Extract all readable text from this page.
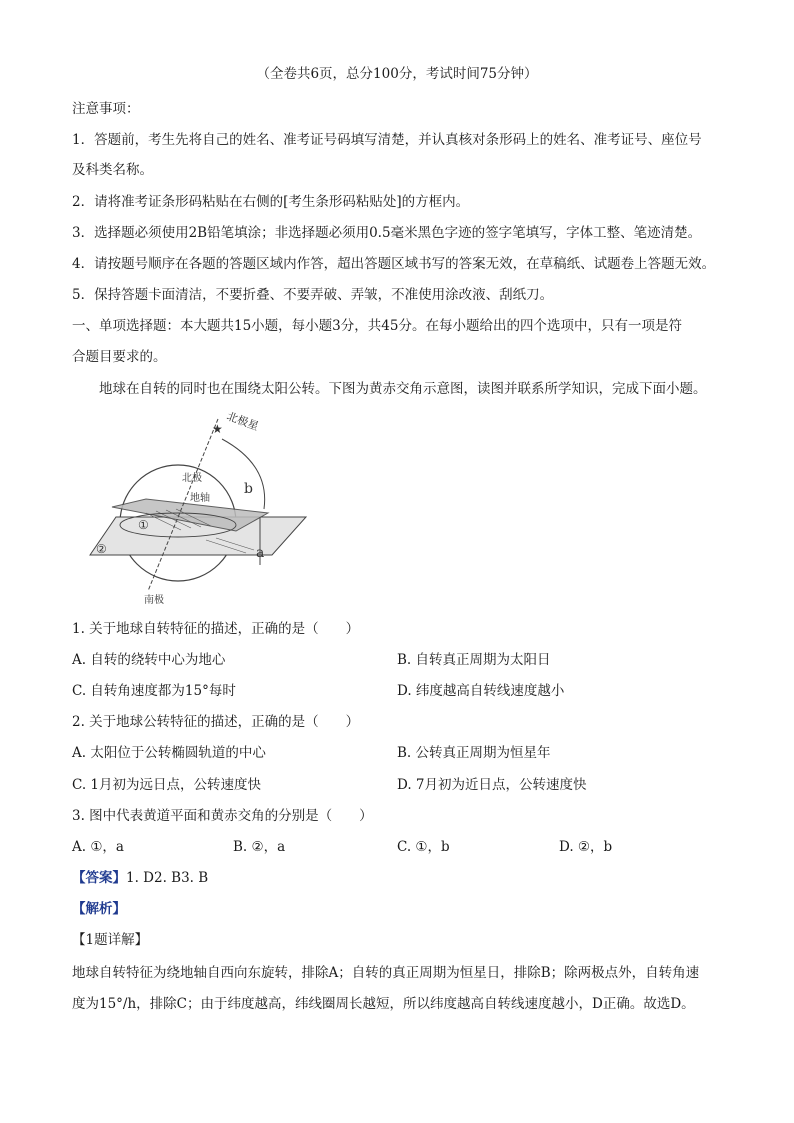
（全卷共6页，总分100分，考试时间75分钟）
注意事项：
1．答题前，考生先将自己的姓名、准考证号码填写清楚，并认真核对条形码上的姓名、准考证号、座位号
及科类名称。
2．请将准考证条形码粘贴在右侧的[考生条形码粘贴处]的方框内。
3．选择题必须使用2B铅笔填涂；非选择题必须用0.5毫米黑色字迹的签字笔填写，字体工整、笔迹清楚。
4．请按题号顺序在各题的答题区域内作答，超出答题区域书写的答案无效，在草稿纸、试题卷上答题无效。
5．保持答题卡面清洁，不要折叠、不要弄破、弄皱，不准使用涂改液、刮纸刀。
一、单项选择题：本大题共15小题，每小题3分，共45分。在每小题给出的四个选项中，只有一项是符
合题目要求的。
地球在自转的同时也在围绕太阳公转。下图为黄赤交角示意图，读图并联系所学知识，完成下面小题。
★ 北极星
b
a
北极
地轴
南极
①
②
1. 关于地球自转特征的描述，正确的是（　　）
A. 自转的绕转中心为地心	B. 自转真正周期为太阳日
C. 自转角速度都为15°每时	D. 纬度越高自转线速度越小
2. 关于地球公转特征的描述，正确的是（　　）
A. 太阳位于公转椭圆轨道的中心	B. 公转真正周期为恒星年
C. 1月初为远日点，公转速度快	D. 7月初为近日点，公转速度快
3. 图中代表黄道平面和黄赤交角的分别是（　　）
A. ①，a	B. ②，a	C. ①，b	D. ②，b
【答案】1. D2. B3. B
【解析】
【1题详解】
地球自转特征为绕地轴自西向东旋转，排除A；自转的真正周期为恒星日，排除B；除两极点外，自转角速
度为15°/h，排除C；由于纬度越高，纬线圈周长越短，所以纬度越高自转线速度越小，D正确。故选D。
